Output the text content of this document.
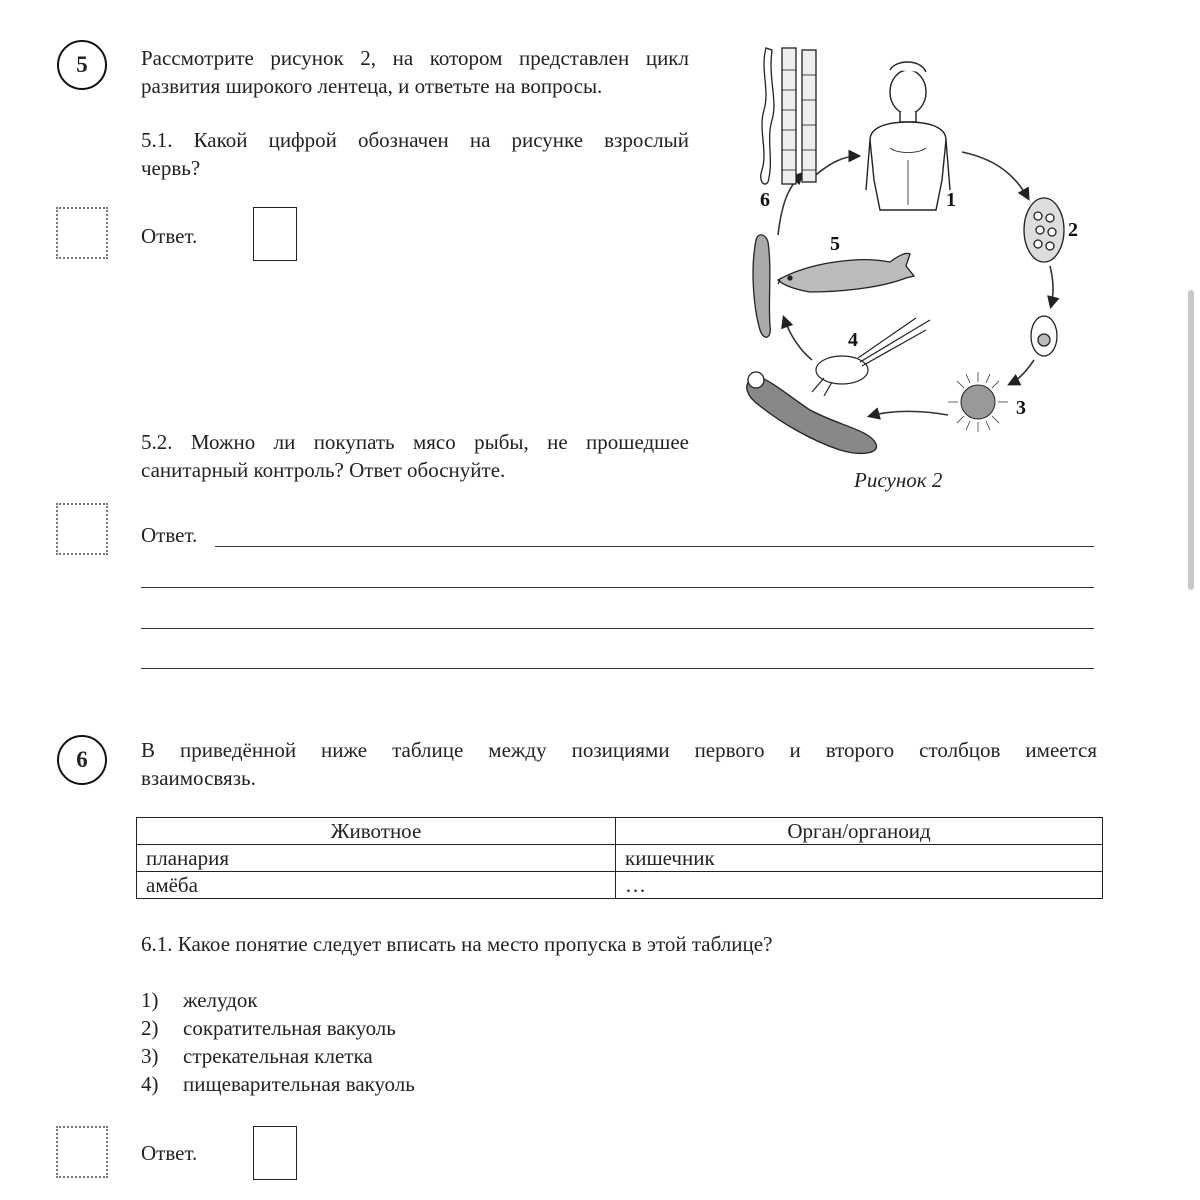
5	Рассмотрите рисунок 2, на котором представлен цикл
развития широкого лентеца, и ответьте на вопросы.
5.1. Какой цифрой обозначен на рисунке взрослый
червь?
Ответ.
5.2. Можно ли покупать мясо рыбы, не прошедшее
санитарный контроль? Ответ обоснуйте.
Ответ.
1
2
3
4
5
6
Рисунок 2
6	В приведённой ниже таблице между позициями первого и второго столбцов имеется
взаимосвязь.
Животное	Орган/органоид
планария	кишечник
амёба	…
6.1. Какое понятие следует вписать на место пропуска в этой таблице?
1) желудок
2) сократительная вакуоль
3) стрекательная клетка
4) пищеварительная вакуоль
Ответ.
